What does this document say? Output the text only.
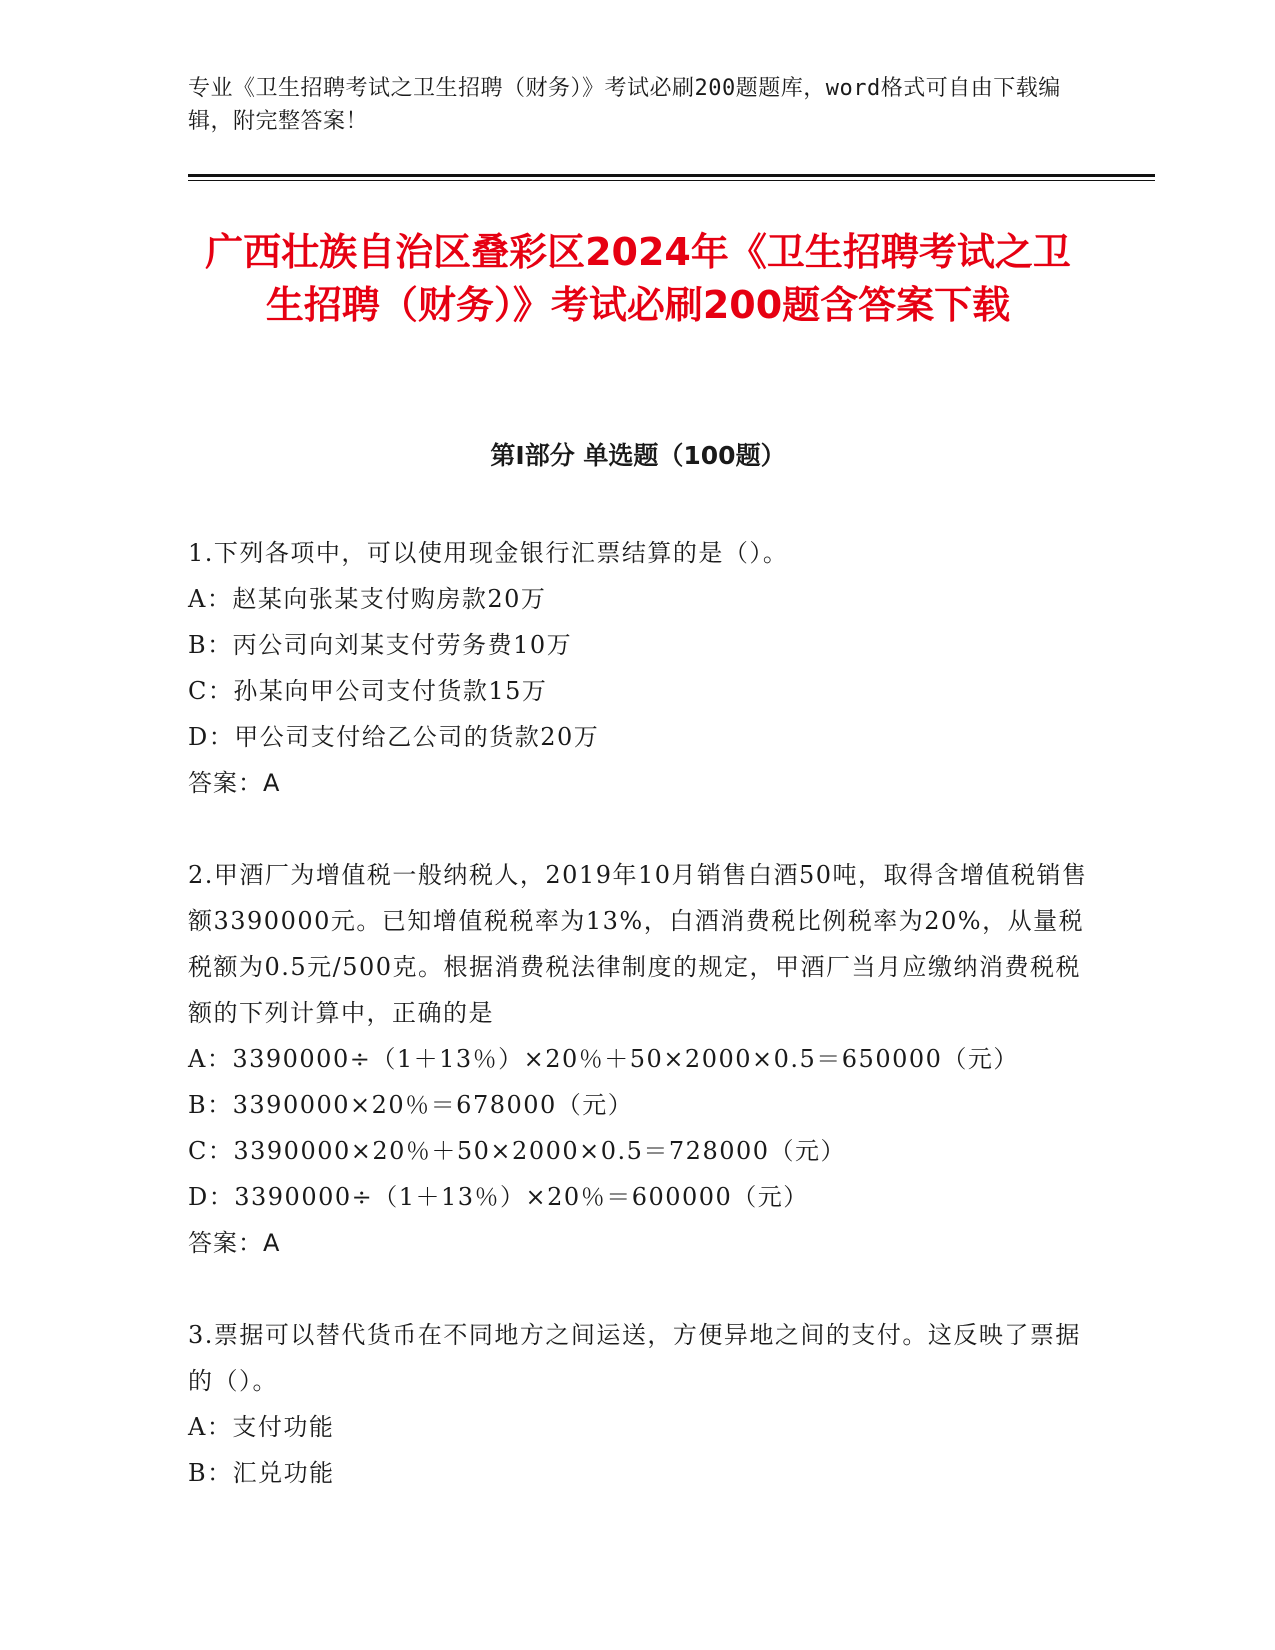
专业《卫生招聘考试之卫生招聘（财务）》考试必刷200题题库，word格式可自由下载编辑，附完整答案！
广西壮族自治区叠彩区2024年《卫生招聘考试之卫生招聘（财务）》考试必刷200题含答案下载
第I部分 单选题（100题）
1.下列各项中，可以使用现金银行汇票结算的是（）。
A：赵某向张某支付购房款20万
B：丙公司向刘某支付劳务费10万
C：孙某向甲公司支付货款15万
D：甲公司支付给乙公司的货款20万
答案：A
2.甲酒厂为增值税一般纳税人，2019年10月销售白酒50吨，取得含增值税销售额3390000元。已知增值税税率为13%，白酒消费税比例税率为20%，从量税税额为0.5元/500克。根据消费税法律制度的规定，甲酒厂当月应缴纳消费税税额的下列计算中，正确的是
A：3390000÷（1＋13％）×20％＋50×2000×0.5＝650000（元）
B：3390000×20％＝678000（元）
C：3390000×20％＋50×2000×0.5＝728000（元）
D：3390000÷（1＋13％）×20％＝600000（元）
答案：A
3.票据可以替代货币在不同地方之间运送，方便异地之间的支付。这反映了票据的（）。
A：支付功能
B：汇兑功能
